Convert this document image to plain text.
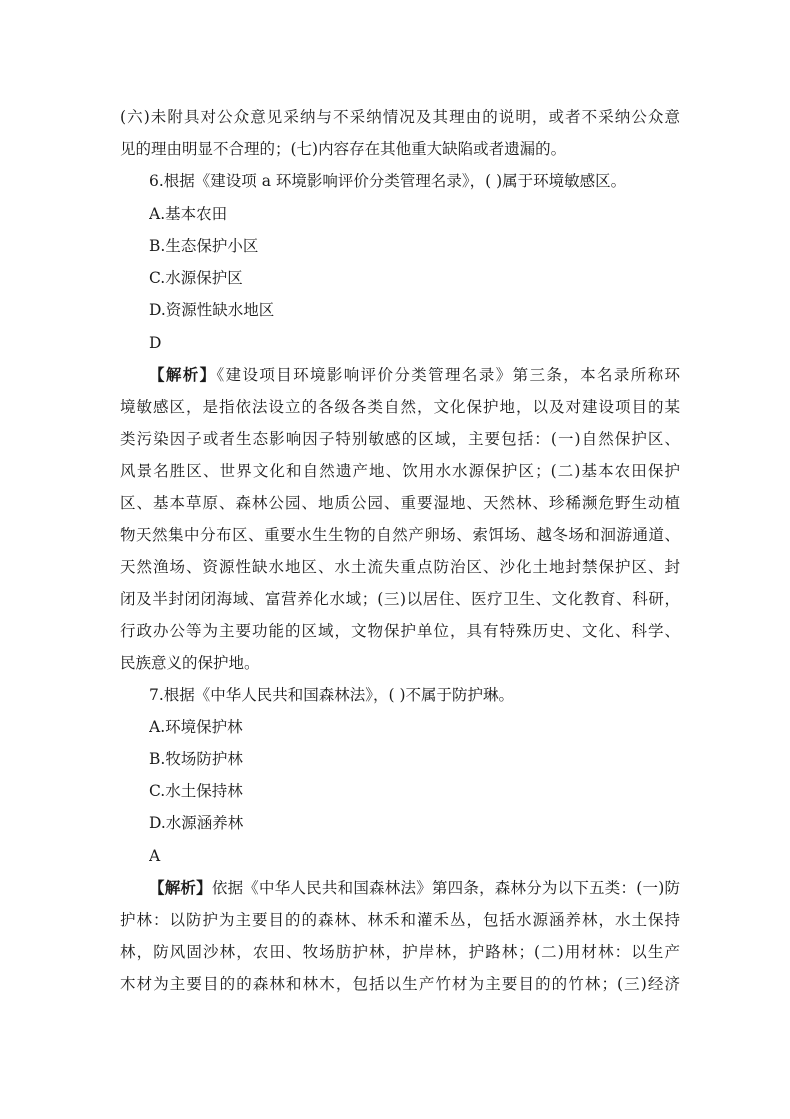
(六)未附具对公众意见采纳与不采纳情况及其理由的说明，或者不采纳公众意
见的理由明显不合理的；(七)内容存在其他重大缺陷或者遗漏的。
6.根据《建设项 a 环境影响评价分类管理名录》，( )属于环境敏感区。
A.基本农田
B.生态保护小区
C.水源保护区
D.资源性缺水地区
D
【解析】《建设项目环境影响评价分类管理名录》第三条，本名录所称环
境敏感区，是指依法设立的各级各类自然，文化保护地，以及对建设项目的某
类污染因子或者生态影响因子特别敏感的区域，主要包括：(一)自然保护区、
风景名胜区、世界文化和自然遗产地、饮用水水源保护区；(二)基本农田保护
区、基本草原、森林公园、地质公园、重要湿地、天然林、珍稀濒危野生动植
物天然集中分布区、重要水生生物的自然产卵场、索饵场、越冬场和洄游通道、
天然渔场、资源性缺水地区、水土流失重点防治区、沙化土地封禁保护区、封
闭及半封闭闭海域、富营养化水域；(三)以居住、医疗卫生、文化教育、科研，
行政办公等为主要功能的区域，文物保护单位，具有特殊历史、文化、科学、
民族意义的保护地。
7.根据《中华人民共和国森林法》，( )不属于防护琳。
A.环境保护林
B.牧场防护林
C.水土保持林
D.水源涵养林
A
【解析】依据《中华人民共和国森林法》第四条，森林分为以下五类：(一)防
护林：以防护为主要目的的森林、林禾和灌禾丛，包括水源涵养林，水土保持
林，防风固沙林，农田、牧场肪护林，护岸林，护路林；(二)用材林：以生产
木材为主要目的的森林和林木，包括以生产竹材为主要目的的竹林；(三)经济
